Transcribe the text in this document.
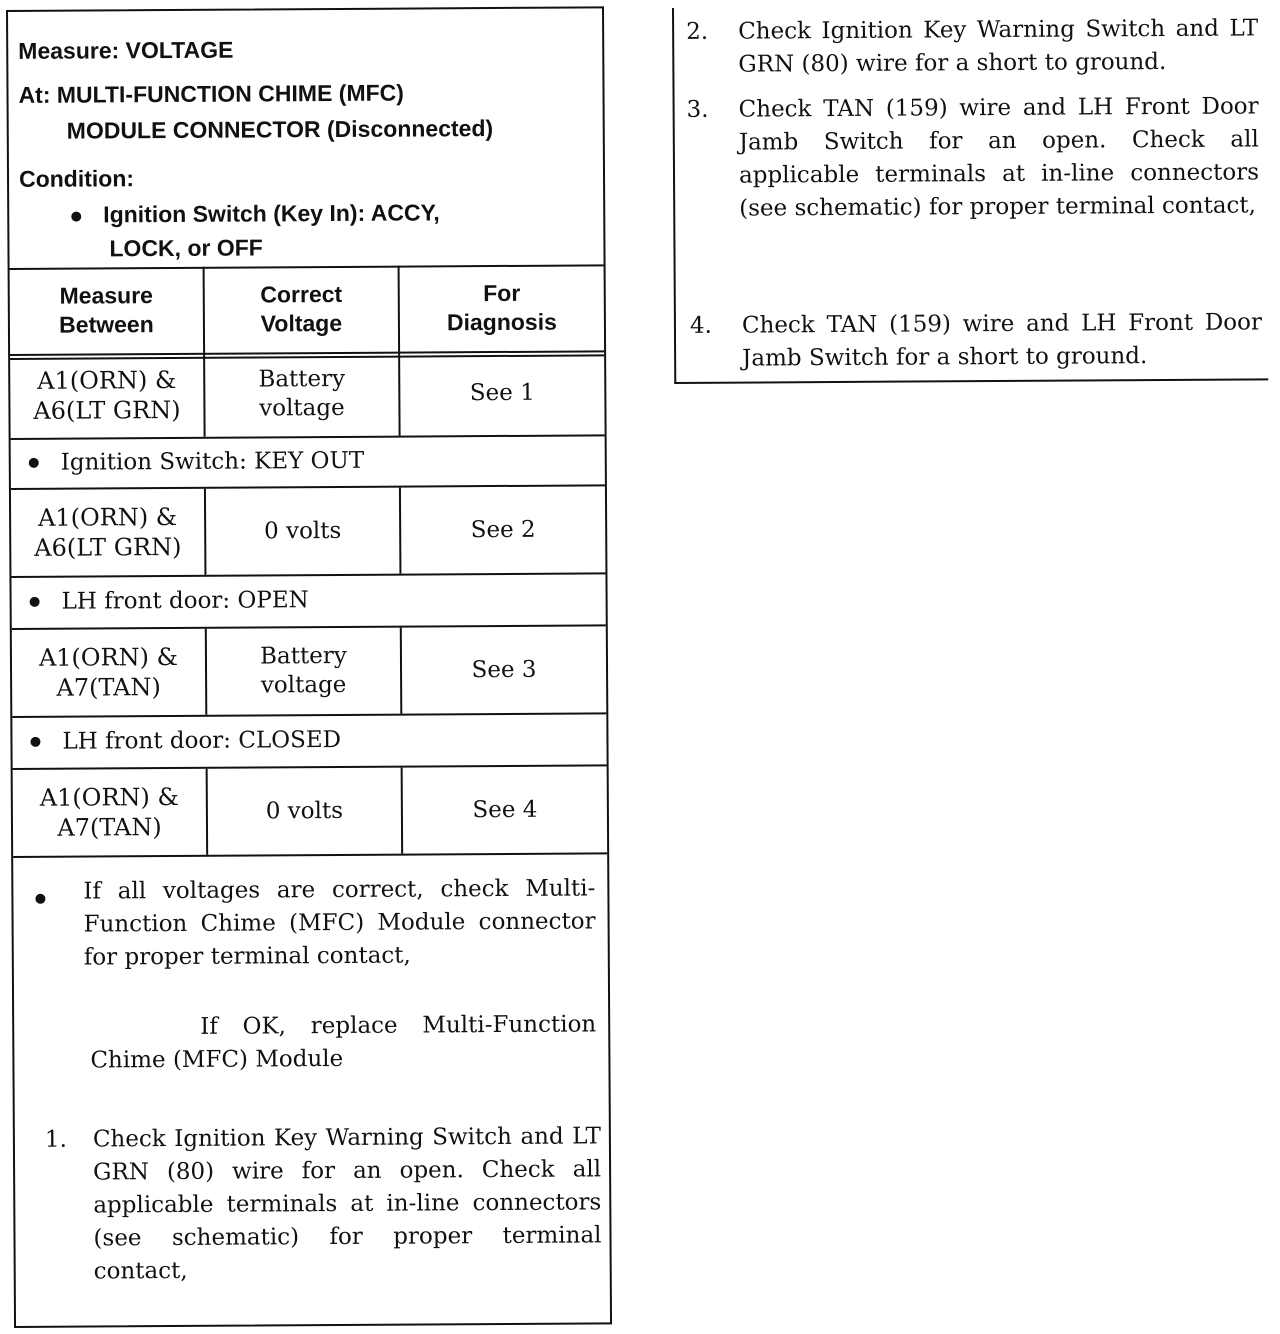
Measure: VOLTAGE
At: MULTI-FUNCTION CHIME (MFC)
MODULE CONNECTOR (Disconnected)
Condition:
Ignition Switch (Key In): ACCY,
LOCK, or OFF
Measure
Between
Correct
Voltage
For
Diagnosis
A1(ORN) &
A6(LT GRN)
Battery
voltage
See 1
Ignition Switch: KEY OUT
A1(ORN) &
A6(LT GRN)
0 volts	See 2
LH front door: OPEN
A1(ORN) &
A7(TAN)
Battery
voltage
See 3
LH front door: CLOSED
A1(ORN) &
A7(TAN)
0 volts	See 4
If all voltages are correct, check Multi-Function Chime (MFC) Module connector for proper terminal contact,
If OK, replace Multi-Function Chime (MFC) Module
1. Check Ignition Key Warning Switch and LT GRN (80) wire for an open. Check all applicable terminals at in-line connectors (see schematic) for proper terminal contact,
2. Check Ignition Key Warning Switch and LT GRN (80) wire for a short to ground.
3. Check TAN (159) wire and LH Front Door Jamb Switch for an open. Check all applicable terminals at in-line connectors (see schematic) for proper terminal contact,
4. Check TAN (159) wire and LH Front Door Jamb Switch for a short to ground.
